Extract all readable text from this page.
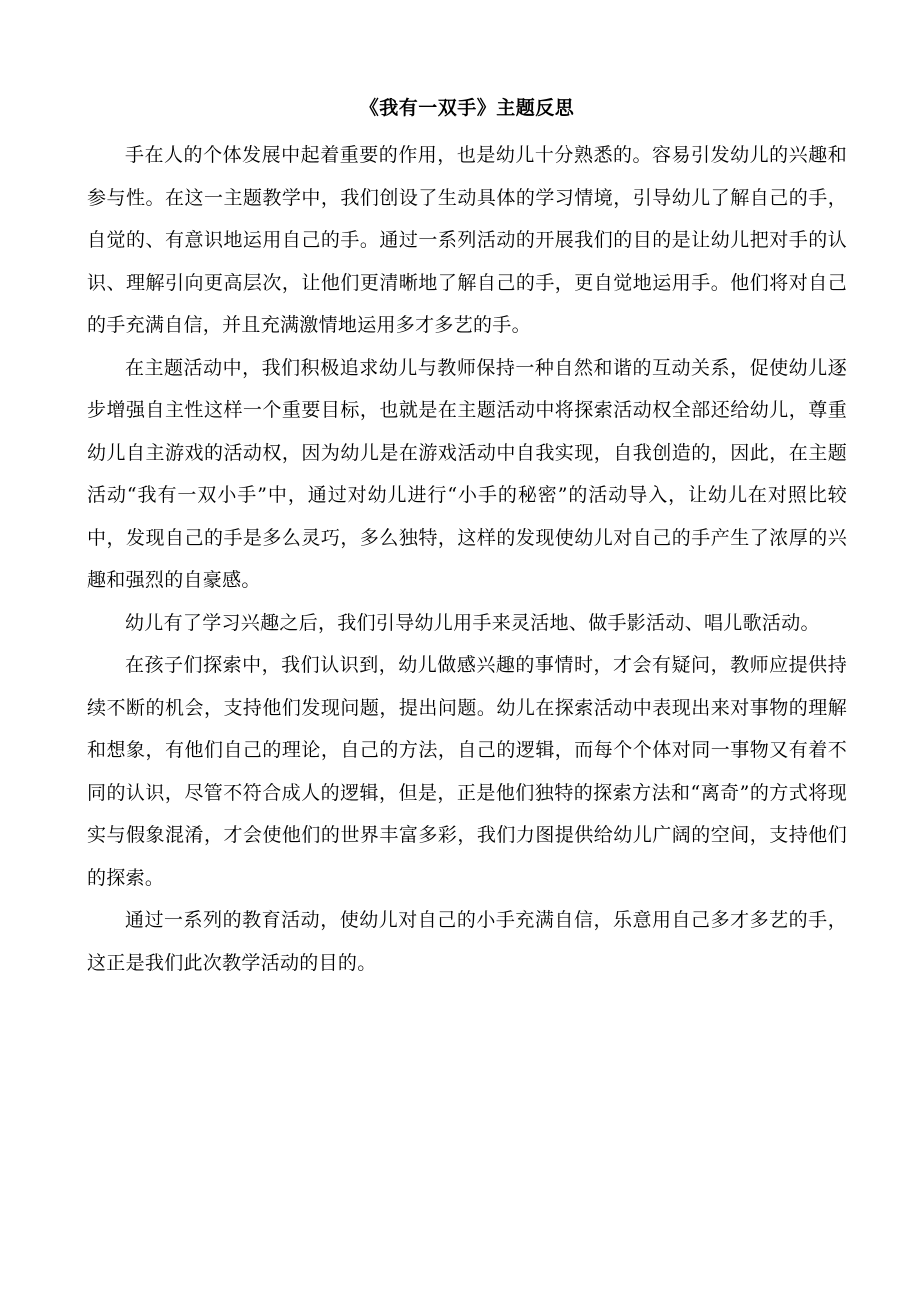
《我有一双手》主题反思

手在人的个体发展中起着重要的作用，也是幼儿十分熟悉的。容易引发幼儿的兴趣和参与性。在这一主题教学中，我们创设了生动具体的学习情境，引导幼儿了解自己的手，自觉的、有意识地运用自己的手。通过一系列活动的开展我们的目的是让幼儿把对手的认识、理解引向更高层次，让他们更清晰地了解自己的手，更自觉地运用手。他们将对自己的手充满自信，并且充满激情地运用多才多艺的手。

在主题活动中，我们积极追求幼儿与教师保持一种自然和谐的互动关系，促使幼儿逐步增强自主性这样一个重要目标，也就是在主题活动中将探索活动权全部还给幼儿，尊重幼儿自主游戏的活动权，因为幼儿是在游戏活动中自我实现，自我创造的，因此，在主题活动“我有一双小手”中，通过对幼儿进行“小手的秘密”的活动导入，让幼儿在对照比较中，发现自己的手是多么灵巧，多么独特，这样的发现使幼儿对自己的手产生了浓厚的兴趣和强烈的自豪感。

幼儿有了学习兴趣之后，我们引导幼儿用手来灵活地、做手影活动、唱儿歌活动。

在孩子们探索中，我们认识到，幼儿做感兴趣的事情时，才会有疑问，教师应提供持续不断的机会，支持他们发现问题，提出问题。幼儿在探索活动中表现出来对事物的理解和想象，有他们自己的理论，自己的方法，自己的逻辑，而每个个体对同一事物又有着不同的认识，尽管不符合成人的逻辑，但是，正是他们独特的探索方法和“离奇”的方式将现实与假象混淆，才会使他们的世界丰富多彩，我们力图提供给幼儿广阔的空间，支持他们的探索。

通过一系列的教育活动，使幼儿对自己的小手充满自信，乐意用自己多才多艺的手，这正是我们此次教学活动的目的。
